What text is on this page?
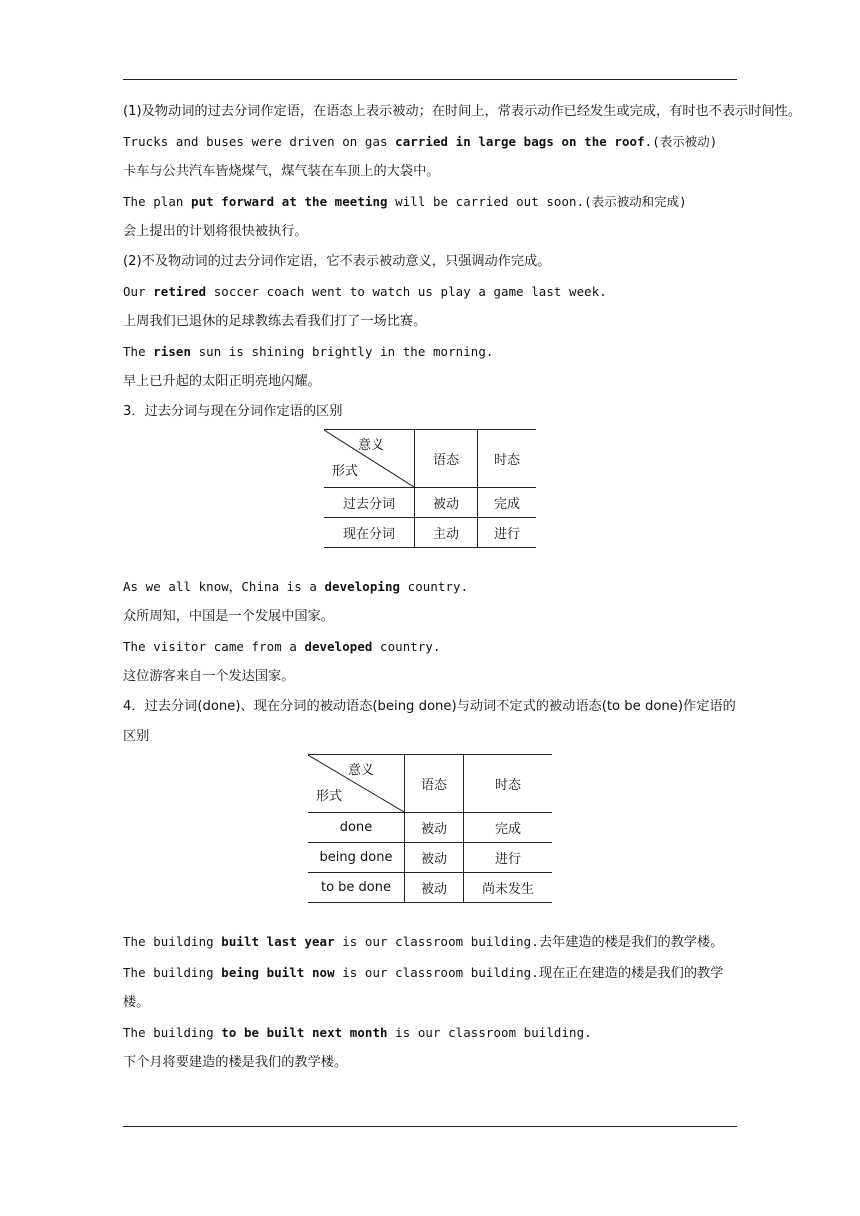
(1)及物动词的过去分词作定语，在语态上表示被动；在时间上，常表示动作已经发生或完成，有时也不表示时间性。
Trucks and buses were driven on gas carried in large bags on the roof.(表示被动)
卡车与公共汽车皆烧煤气，煤气装在车顶上的大袋中。
The plan put forward at the meeting will be carried out soon.(表示被动和完成)
会上提出的计划将很快被执行。
(2)不及物动词的过去分词作定语，它不表示被动意义，只强调动作完成。
Our retired soccer coach went to watch us play a game last week.
上周我们已退休的足球教练去看我们打了一场比赛。
The risen sun is shining brightly in the morning.
早上已升起的太阳正明亮地闪耀。
3．过去分词与现在分词作定语的区别
意义
形式	语态	时态
过去分词	被动	完成
现在分词	主动	进行
As we all know，China is a developing country.
众所周知，中国是一个发展中国家。
The visitor came from a developed country.
这位游客来自一个发达国家。
4．过去分词(done)、现在分词的被动语态(being done)与动词不定式的被动语态(to be done)作定语的区别
意义
形式	语态	时态
done	被动	完成
being done	被动	进行
to be done	被动	尚未发生
The building built last year is our classroom building.去年建造的楼是我们的教学楼。
The building being built now is our classroom building.现在正在建造的楼是我们的教学楼。
The building to be built next month is our classroom building.
下个月将要建造的楼是我们的教学楼。
